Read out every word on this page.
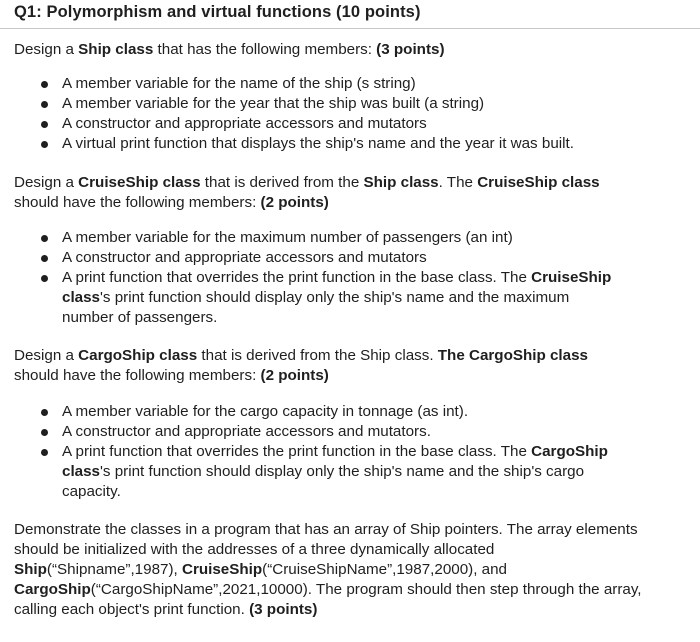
Q1: Polymorphism and virtual functions (10 points)
Design a Ship class that has the following members: (3 points)
A member variable for the name of the ship (s string)
A member variable for the year that the ship was built (a string)
A constructor and appropriate accessors and mutators
A virtual print function that displays the ship's name and the year it was built.
Design a CruiseShip class that is derived from the Ship class. The CruiseShip class should have the following members: (2 points)
A member variable for the maximum number of passengers (an int)
A constructor and appropriate accessors and mutators
A print function that overrides the print function in the base class. The CruiseShip class's print function should display only the ship's name and the maximum number of passengers.
Design a CargoShip class that is derived from the Ship class. The CargoShip class should have the following members: (2 points)
A member variable for the cargo capacity in tonnage (as int).
A constructor and appropriate accessors and mutators.
A print function that overrides the print function in the base class. The CargoShip class's print function should display only the ship's name and the ship's cargo capacity.
Demonstrate the classes in a program that has an array of Ship pointers. The array elements should be initialized with the addresses of a three dynamically allocated Ship(“Shipname”,1987), CruiseShip(“CruiseShipName”,1987,2000), and CargoShip(“CargoShipName”,2021,10000). The program should then step through the array, calling each object's print function. (3 points)
